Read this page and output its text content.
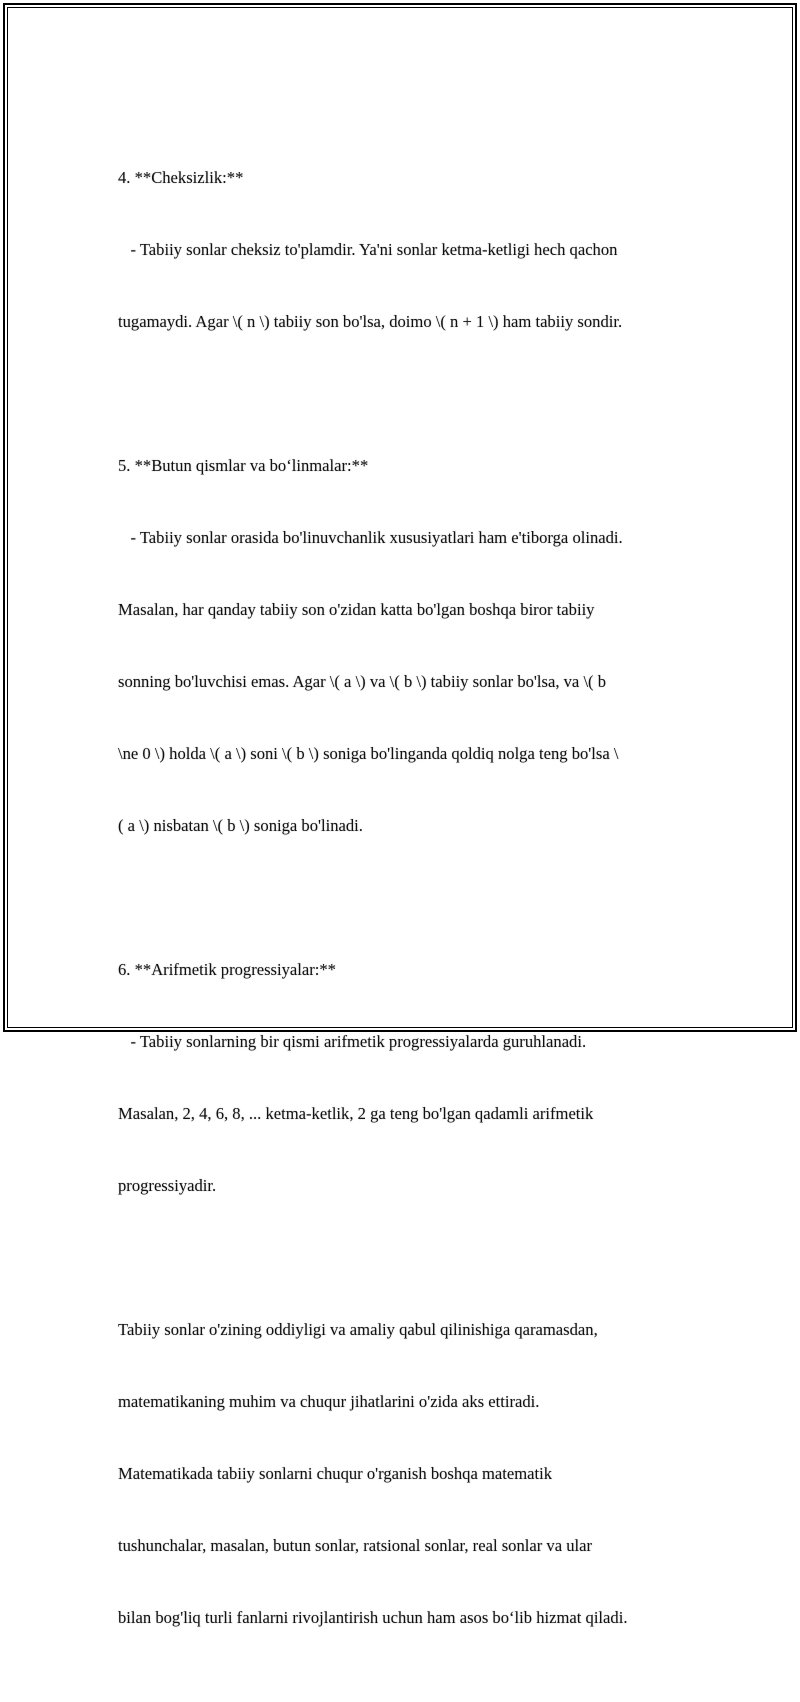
4. **Cheksizlik:**

- Tabiiy sonlar cheksiz to'plamdir. Ya'ni sonlar ketma-ketligi hech qachon

tugamaydi. Agar \( n \) tabiiy son bo'lsa, doimo \( n + 1 \) ham tabiiy sondir.

5. **Butun qismlar va bo‘linmalar:**

- Tabiiy sonlar orasida bo'linuvchanlik xususiyatlari ham e'tiborga olinadi.

Masalan, har qanday tabiiy son o'zidan katta bo'lgan boshqa biror tabiiy

sonning bo'luvchisi emas. Agar \( a \) va \( b \) tabiiy sonlar bo'lsa, va \( b

\ne 0 \) holda \( a \) soni \( b \) soniga bo'linganda qoldiq nolga teng bo'lsa \

( a \) nisbatan \( b \) soniga bo'linadi.

6. **Arifmetik progressiyalar:**

- Tabiiy sonlarning bir qismi arifmetik progressiyalarda guruhlanadi.

Masalan, 2, 4, 6, 8, ... ketma-ketlik, 2 ga teng bo'lgan qadamli arifmetik

progressiyadir.

Tabiiy sonlar o'zining oddiyligi va amaliy qabul qilinishiga qaramasdan,

matematikaning muhim va chuqur jihatlarini o'zida aks ettiradi.

Matematikada tabiiy sonlarni chuqur o'rganish boshqa matematik

tushunchalar, masalan, butun sonlar, ratsional sonlar, real sonlar va ular

bilan bog'liq turli fanlarni rivojlantirish uchun ham asos bo‘lib hizmat qiladi.
